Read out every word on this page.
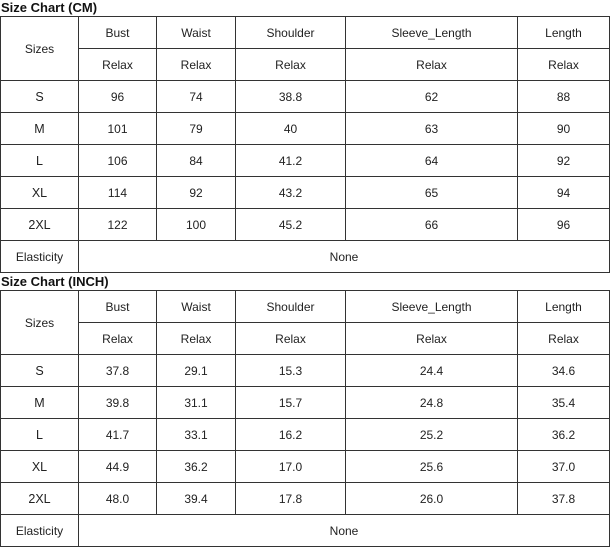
Size Chart (CM)
Sizes	Bust	Waist	Shoulder	Sleeve_Length	Length
	Relax	Relax	Relax	Relax	Relax
S	96	74	38.8	62	88
M	101	79	40	63	90
L	106	84	41.2	64	92
XL	114	92	43.2	65	94
2XL	122	100	45.2	66	96
Elasticity	None				
Size Chart (INCH)
Sizes	Bust	Waist	Shoulder	Sleeve_Length	Length
	Relax	Relax	Relax	Relax	Relax
S	37.8	29.1	15.3	24.4	34.6
M	39.8	31.1	15.7	24.8	35.4
L	41.7	33.1	16.2	25.2	36.2
XL	44.9	36.2	17.0	25.6	37.0
2XL	48.0	39.4	17.8	26.0	37.8
Elasticity	None				
